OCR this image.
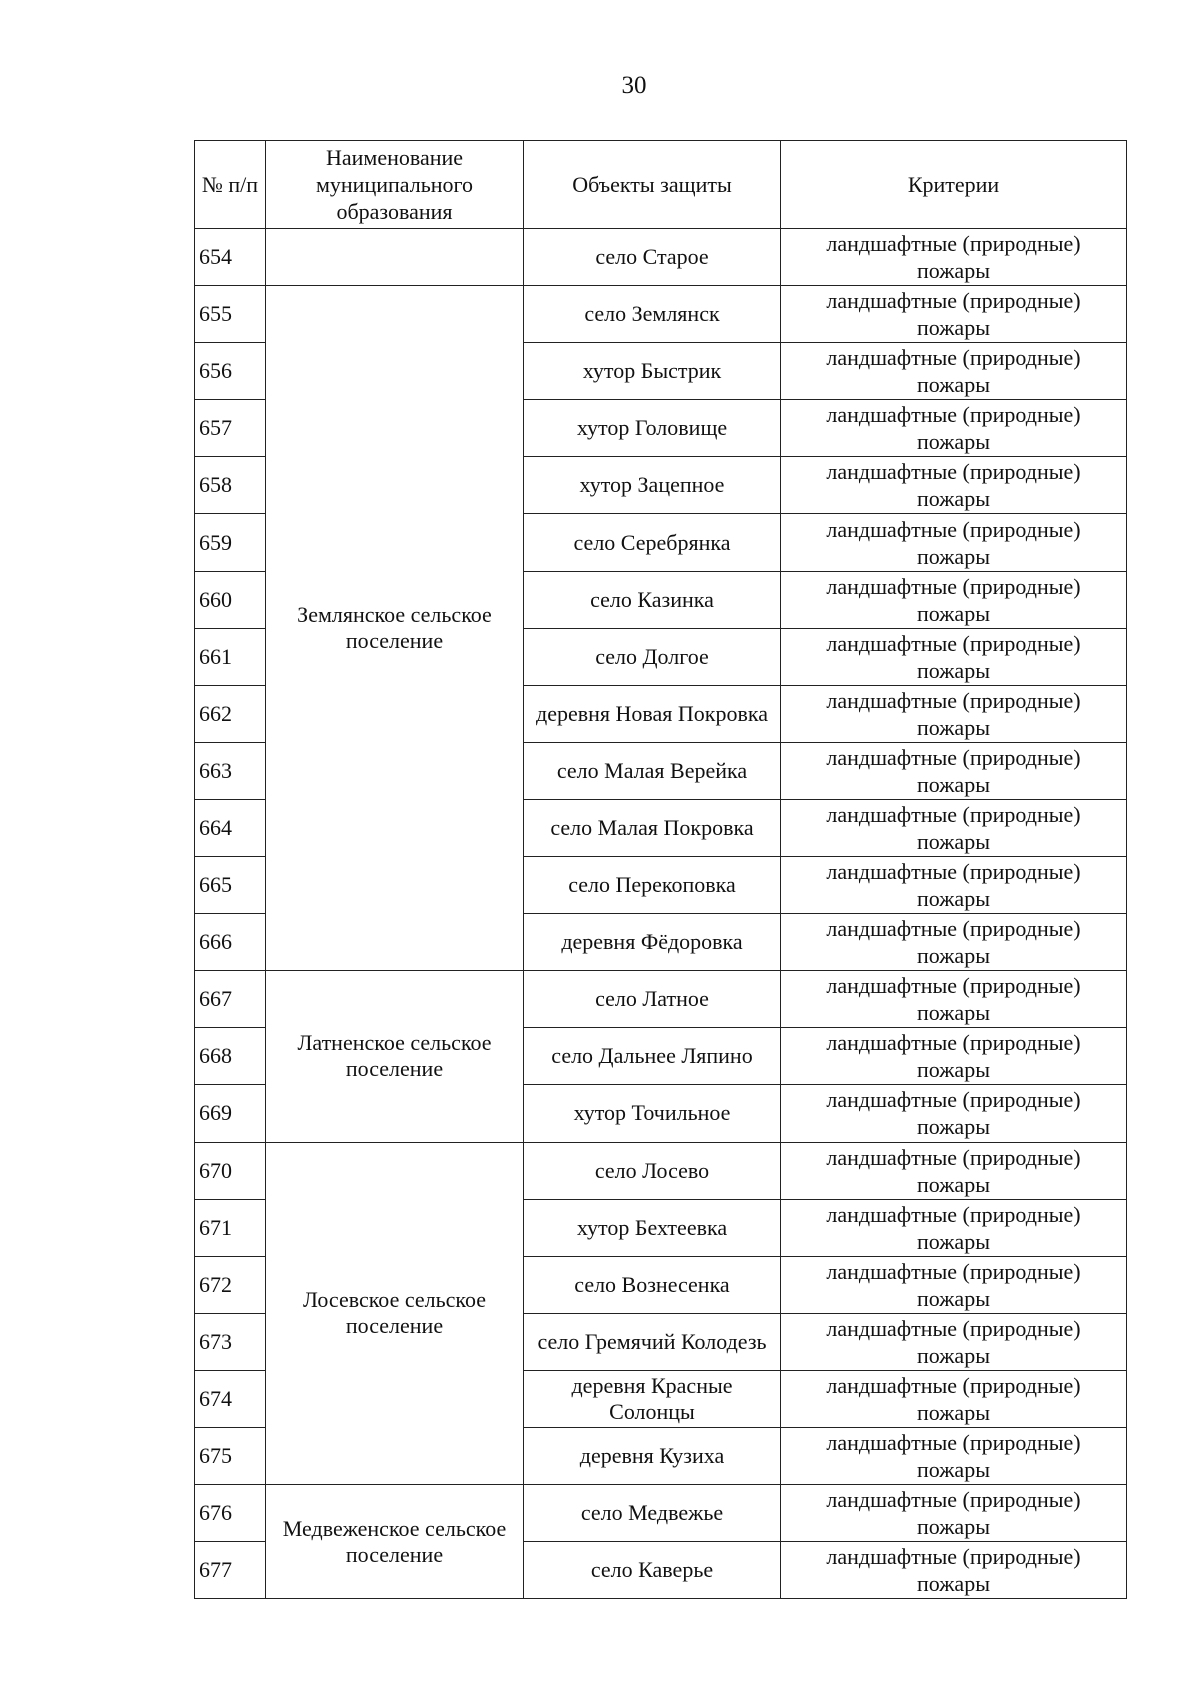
30
№ п/п	Наименование муниципального образования	Объекты защиты	Критерии
654		село Старое	ландшафтные (природные)
пожары

655	Землянское сельское поселение	село Землянск	ландшафтные (природные)
пожары

656		хутор Быстрик	ландшафтные (природные)
пожары

657		хутор Головище	ландшафтные (природные)
пожары

658		хутор Зацепное	ландшафтные (природные)
пожары

659		село Серебрянка	ландшафтные (природные)
пожары

660		село Казинка	ландшафтные (природные)
пожары

661		село Долгое	ландшафтные (природные)
пожары

662		деревня Новая Покровка	ландшафтные (природные)
пожары

663		село Малая Верейка	ландшафтные (природные)
пожары

664		село Малая Покровка	ландшафтные (природные)
пожары

665		село Перекоповка	ландшафтные (природные)
пожары

666		деревня Фёдоровка	ландшафтные (природные)
пожары

667	Латненское сельское поселение	село Латное	ландшафтные (природные)
пожары

668		село Дальнее Ляпино	ландшафтные (природные)
пожары

669		хутор Точильное	ландшафтные (природные)
пожары

670	Лосевское сельское поселение	село Лосево	ландшафтные (природные)
пожары

671		хутор Бехтеевка	ландшафтные (природные)
пожары

672		село Вознесенка	ландшафтные (природные)
пожары

673		село Гремячий Колодезь	ландшафтные (природные)
пожары

674		деревня Красные Солонцы	ландшафтные (природные)
пожары

675		деревня Кузиха	ландшафтные (природные)
пожары

676	Медвеженское сельское поселение	село Медвежье	ландшафтные (природные)
пожары

677		село Каверье	ландшафтные (природные)
пожары
